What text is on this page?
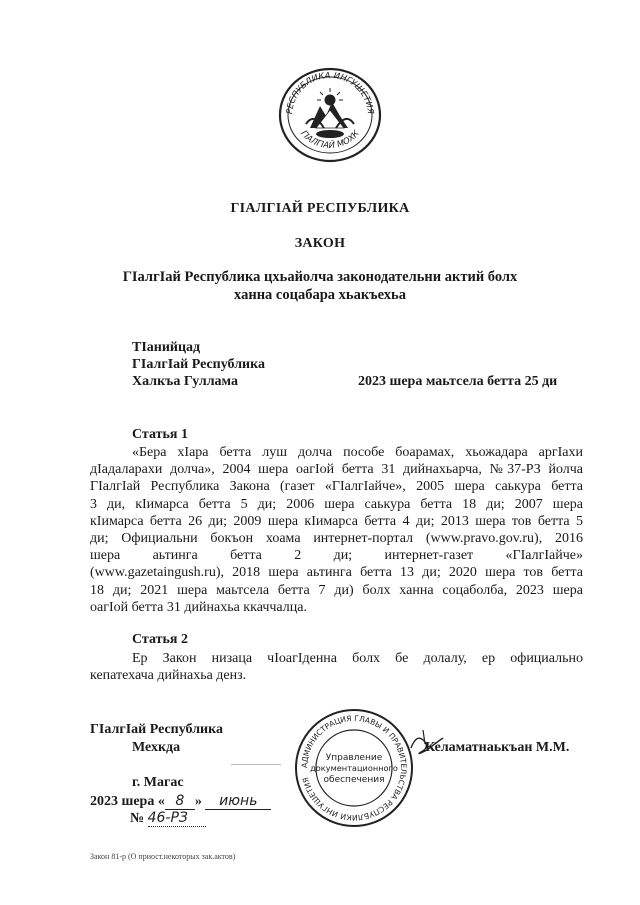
РЕСПУБЛИКА ИНГУШЕТИЯ
ГIАЛГIАЙ МОХК
ГIАЛГIАЙ РЕСПУБЛИКА
ЗАКОН
ГIалгIай Республика цхьайолча законодательни актий болх
ханна соцабара хьакъехьа
ТIанийцад
ГIалгIай Республика
Халкъа Гуллама	2023 шера маьтсела бетта 25 ди
Статья 1
«Бера хIара бетта луш долча пособе боарамах, хьожадара аргIахи
дIадаларахи долча», 2004 шера оагIой бетта 31 дийнахьарча, №37-РЗ йолча
ГIалгIай Республика Закона (газет «ГIалгIайче», 2005 шера саькура бетта
3 ди, кIимарса бетта 5 ди; 2006 шера саькура бетта 18 ди; 2007 шера
кIимарса бетта 26 ди; 2009 шера кIимарса бетта 4 ди; 2013 шера тов бетта 5
ди; Официальни бокъон хоама интернет-портал (www.pravo.gov.ru), 2016
шера аьтинга бетта 2 ди; интернет-газет «ГIалгIайче»
(www.gazetaingush.ru), 2018 шера аьтинга бетта 13 ди; 2020 шера тов бетта
18 ди; 2021 шера маьтсела бетта 7 ди) болх ханна соцаболба, 2023 шера
оагIой бетта 31 дийнахьа ккаччалца.
Статья 2
Ер Закон низаца чIоагIденна болх бе долалу, ер официально
кепатехача дийнахьа денз.
ГIалгIай Республика
Мехкда	Келаматнаькъан М.М.
г. Магас
2023 шера « 8 » июнь
№ 46-РЗ
АДМИНИСТРАЦИЯ ГЛАВЫ И ПРАВИТЕЛЬСТВА РЕСПУБЛИКИ ИНГУШЕТИЯ
Управление
документационного
обеспечения
Закон 81-р (О приост.некоторых зак.актов)
